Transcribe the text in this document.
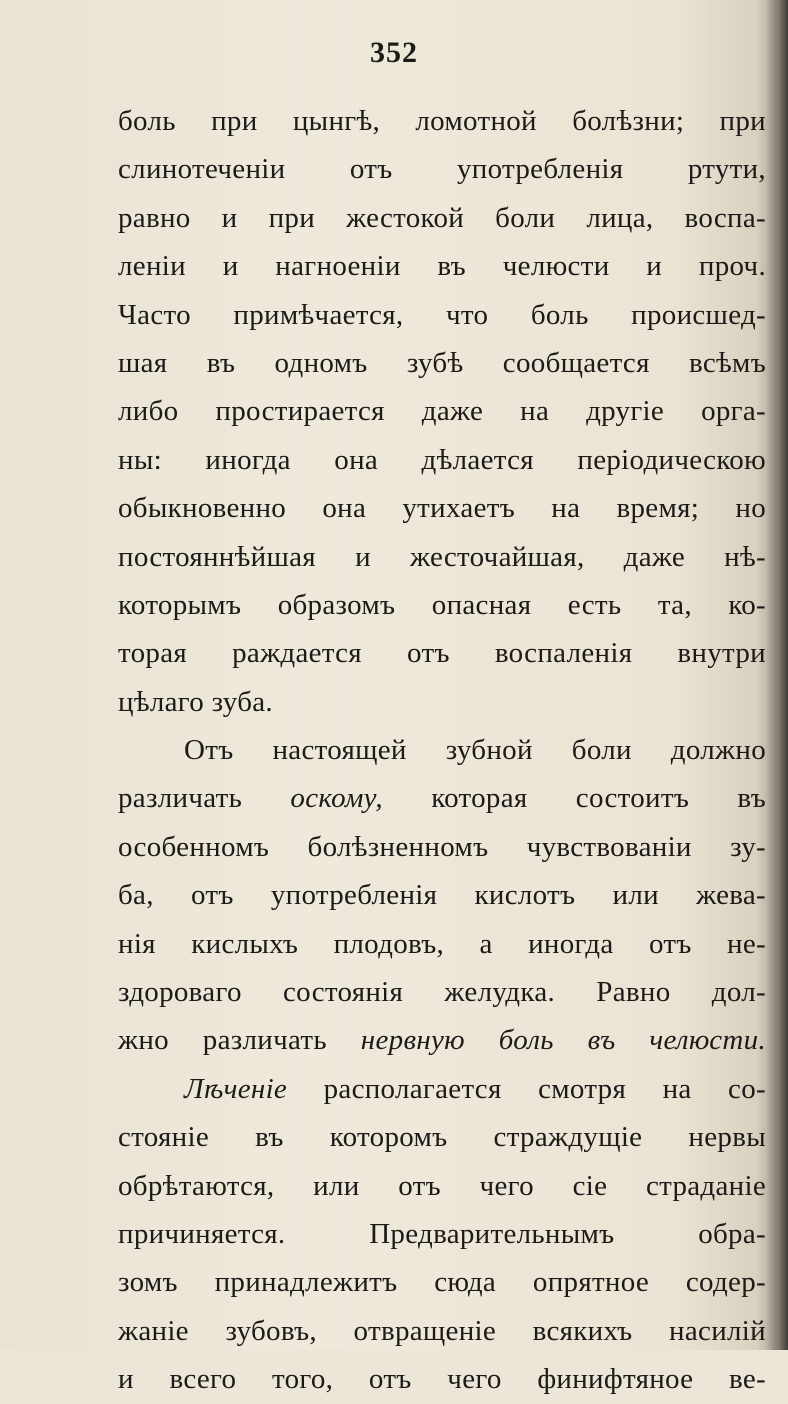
352
боль при цынгѣ, ломотной болѣзни; при
слинотеченіи отъ употребленія ртути,
равно и при жестокой боли лица, воспа-
леніи и нагноеніи въ челюсти и проч.
Часто примѣчается, что боль происшед-
шая въ одномъ зубѣ сообщается всѣмъ
либо простирается даже на другіе орга-
ны: иногда она дѣлается періодическою
обыкновенно она утихаетъ на время; но
постояннѣйшая и жесточайшая, даже нѣ-
которымъ образомъ опасная есть та, ко-
торая раждается отъ воспаленія внутри
цѣлаго зуба.
Отъ настоящей зубной боли должно
различать оскому, которая состоитъ въ
особенномъ болѣзненномъ чувствованіи зу-
ба, отъ употребленія кислотъ или жева-
нія кислыхъ плодовъ, а иногда отъ не-
здороваго состоянія желудка. Равно дол-
жно различать нервную боль въ челюсти.
Лѣченіе располагается смотря на со-
стояніе въ которомъ страждущіе нервы
обрѣтаются, или отъ чего сіе страданіе
причиняется. Предварительнымъ обра-
зомъ принадлежитъ сюда опрятное содер-
жаніе зубовъ, отвращеніе всякихъ насилій
и всего того, отъ чего финифтяное ве-
